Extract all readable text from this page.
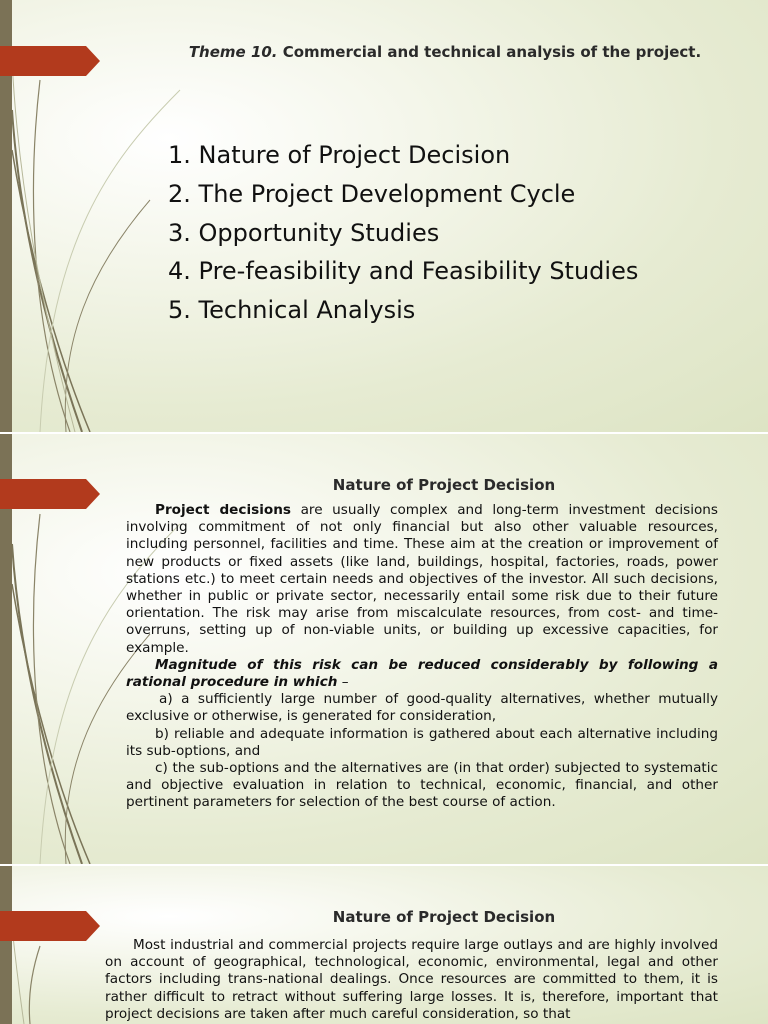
Theme 10. Commercial and technical analysis of the project.
1. Nature of Project Decision
2. The Project Development Cycle
3. Opportunity Studies
4. Pre-feasibility and Feasibility Studies
5. Technical Analysis
Nature of Project Decision

Project decisions are usually complex and long-term investment decisions involving commitment of not only financial but also other valuable resources, including personnel, facilities and time. These aim at the creation or improvement of new products or fixed assets (like land, buildings, hospital, factories, roads, power stations etc.) to meet certain needs and objectives of the investor. All such decisions, whether in public or private sector, necessarily entail some risk due to their future orientation. The risk may arise from miscalculate resources, from cost- and time- overruns, setting up of non-viable units, or building up excessive capacities, for example.

Magnitude of this risk can be reduced considerably by following a rational procedure in which –

a) a sufficiently large number of good-quality alternatives, whether mutually exclusive or otherwise, is generated for consideration,

b) reliable and adequate information is gathered about each alternative including its sub-options, and

c) the sub-options and the alternatives are (in that order) subjected to systematic and objective evaluation in relation to technical, economic, financial, and other pertinent parameters for selection of the best course of action.

Nature of Project Decision

Most industrial and commercial projects require large outlays and are highly involved on account of geographical, technological, economic, environmental, legal and other factors including trans-national dealings. Once resources are committed to them, it is rather difficult to retract without suffering large losses. It is, therefore, important that project decisions are taken after much careful consideration, so that
